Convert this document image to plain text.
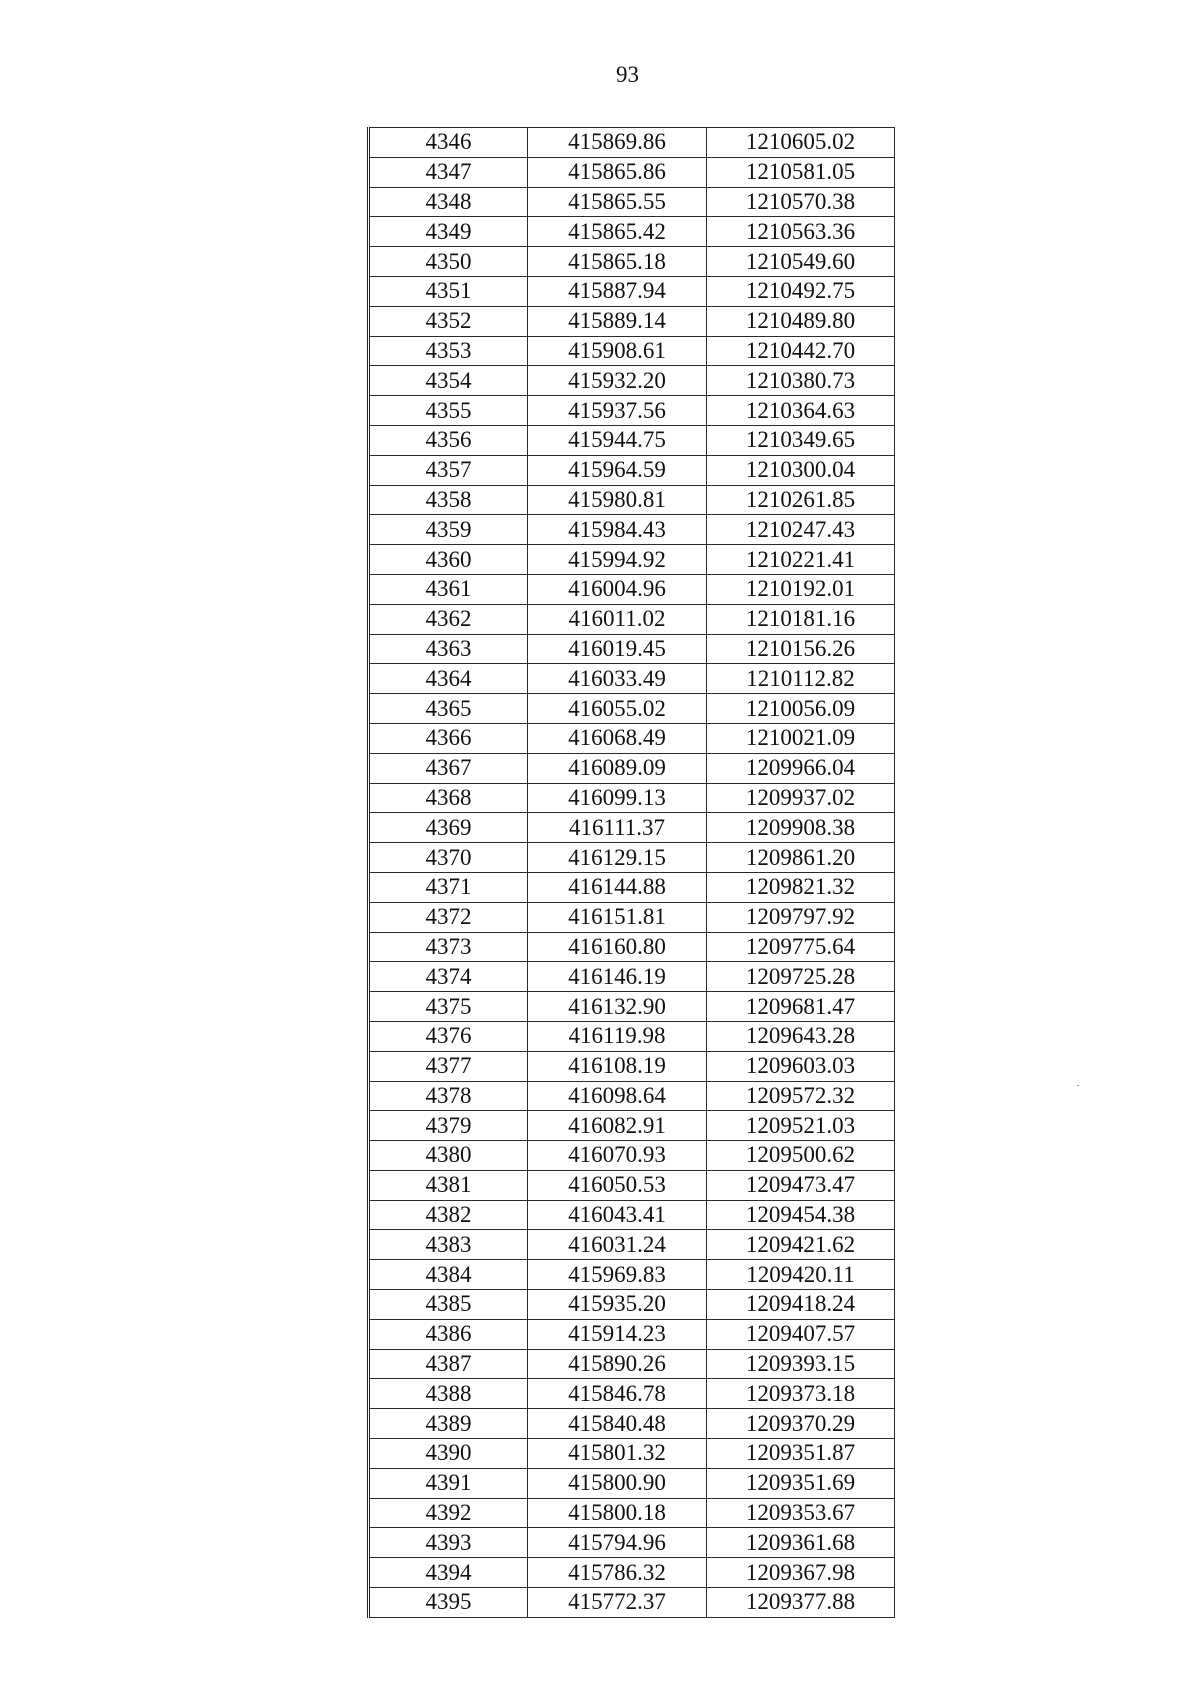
93
4346	415869.86	1210605.02
4347	415865.86	1210581.05
4348	415865.55	1210570.38
4349	415865.42	1210563.36
4350	415865.18	1210549.60
4351	415887.94	1210492.75
4352	415889.14	1210489.80
4353	415908.61	1210442.70
4354	415932.20	1210380.73
4355	415937.56	1210364.63
4356	415944.75	1210349.65
4357	415964.59	1210300.04
4358	415980.81	1210261.85
4359	415984.43	1210247.43
4360	415994.92	1210221.41
4361	416004.96	1210192.01
4362	416011.02	1210181.16
4363	416019.45	1210156.26
4364	416033.49	1210112.82
4365	416055.02	1210056.09
4366	416068.49	1210021.09
4367	416089.09	1209966.04
4368	416099.13	1209937.02
4369	416111.37	1209908.38
4370	416129.15	1209861.20
4371	416144.88	1209821.32
4372	416151.81	1209797.92
4373	416160.80	1209775.64
4374	416146.19	1209725.28
4375	416132.90	1209681.47
4376	416119.98	1209643.28
4377	416108.19	1209603.03
4378	416098.64	1209572.32
4379	416082.91	1209521.03
4380	416070.93	1209500.62
4381	416050.53	1209473.47
4382	416043.41	1209454.38
4383	416031.24	1209421.62
4384	415969.83	1209420.11
4385	415935.20	1209418.24
4386	415914.23	1209407.57
4387	415890.26	1209393.15
4388	415846.78	1209373.18
4389	415840.48	1209370.29
4390	415801.32	1209351.87
4391	415800.90	1209351.69
4392	415800.18	1209353.67
4393	415794.96	1209361.68
4394	415786.32	1209367.98
4395	415772.37	1209377.88
